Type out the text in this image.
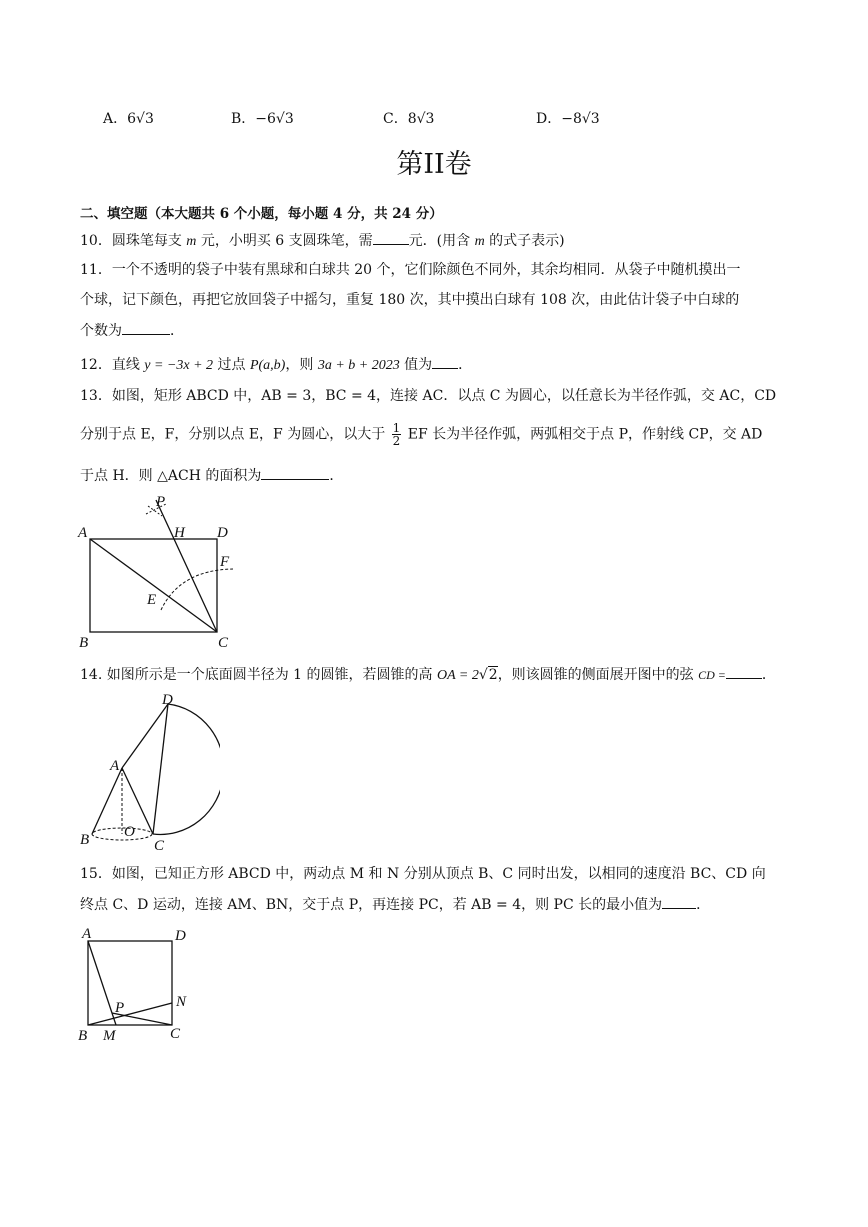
A．6√3	B．−6√3	C．8√3	D．−8√3
第II卷
二、填空题（本大题共 6 个小题，每小题 4 分，共 24 分）
10．圆珠笔每支 m 元，小明买 6 支圆珠笔，需	元．(用含 m 的式子表示)
11．一个不透明的袋子中装有黑球和白球共 20 个，它们除颜色不同外，其余均相同．从袋子中随机摸出一
个球，记下颜色，再把它放回袋子中摇匀，重复 180 次，其中摸出白球有 108 次，由此估计袋子中白球的
个数为	．
12．直线 y = −3x + 2 过点 P(a,b)，则 3a + b + 2023 值为 ．
13．如图，矩形 ABCD 中，AB = 3，BC = 4，连接 AC．以点 C 为圆心，以任意长为半径作弧，交 AC，CD
分别于点 E，F，分别以点 E，F 为圆心，以大于 $\frac{1}{2}$ EF 长为半径作弧，两弧相交于点 P，作射线 CP，交 AD
于点 H．则 △ACH 的面积为	．
A
B	C
D
E
F
H
P
14. 如图所示是一个底面圆半径为 1 的圆锥，若圆锥的高 OA = 2√2，则该圆锥的侧面展开图中的弦 CD =	．
D
A
B	C
O
15．如图，已知正方形 ABCD 中，两动点 M 和 N 分别从顶点 B、C 同时出发，以相同的速度沿 BC、CD 向
终点 C、D 运动，连接 AM、BN，交于点 P，再连接 PC，若 AB = 4，则 PC 长的最小值为 ．
A	D
B M	C
N
P
